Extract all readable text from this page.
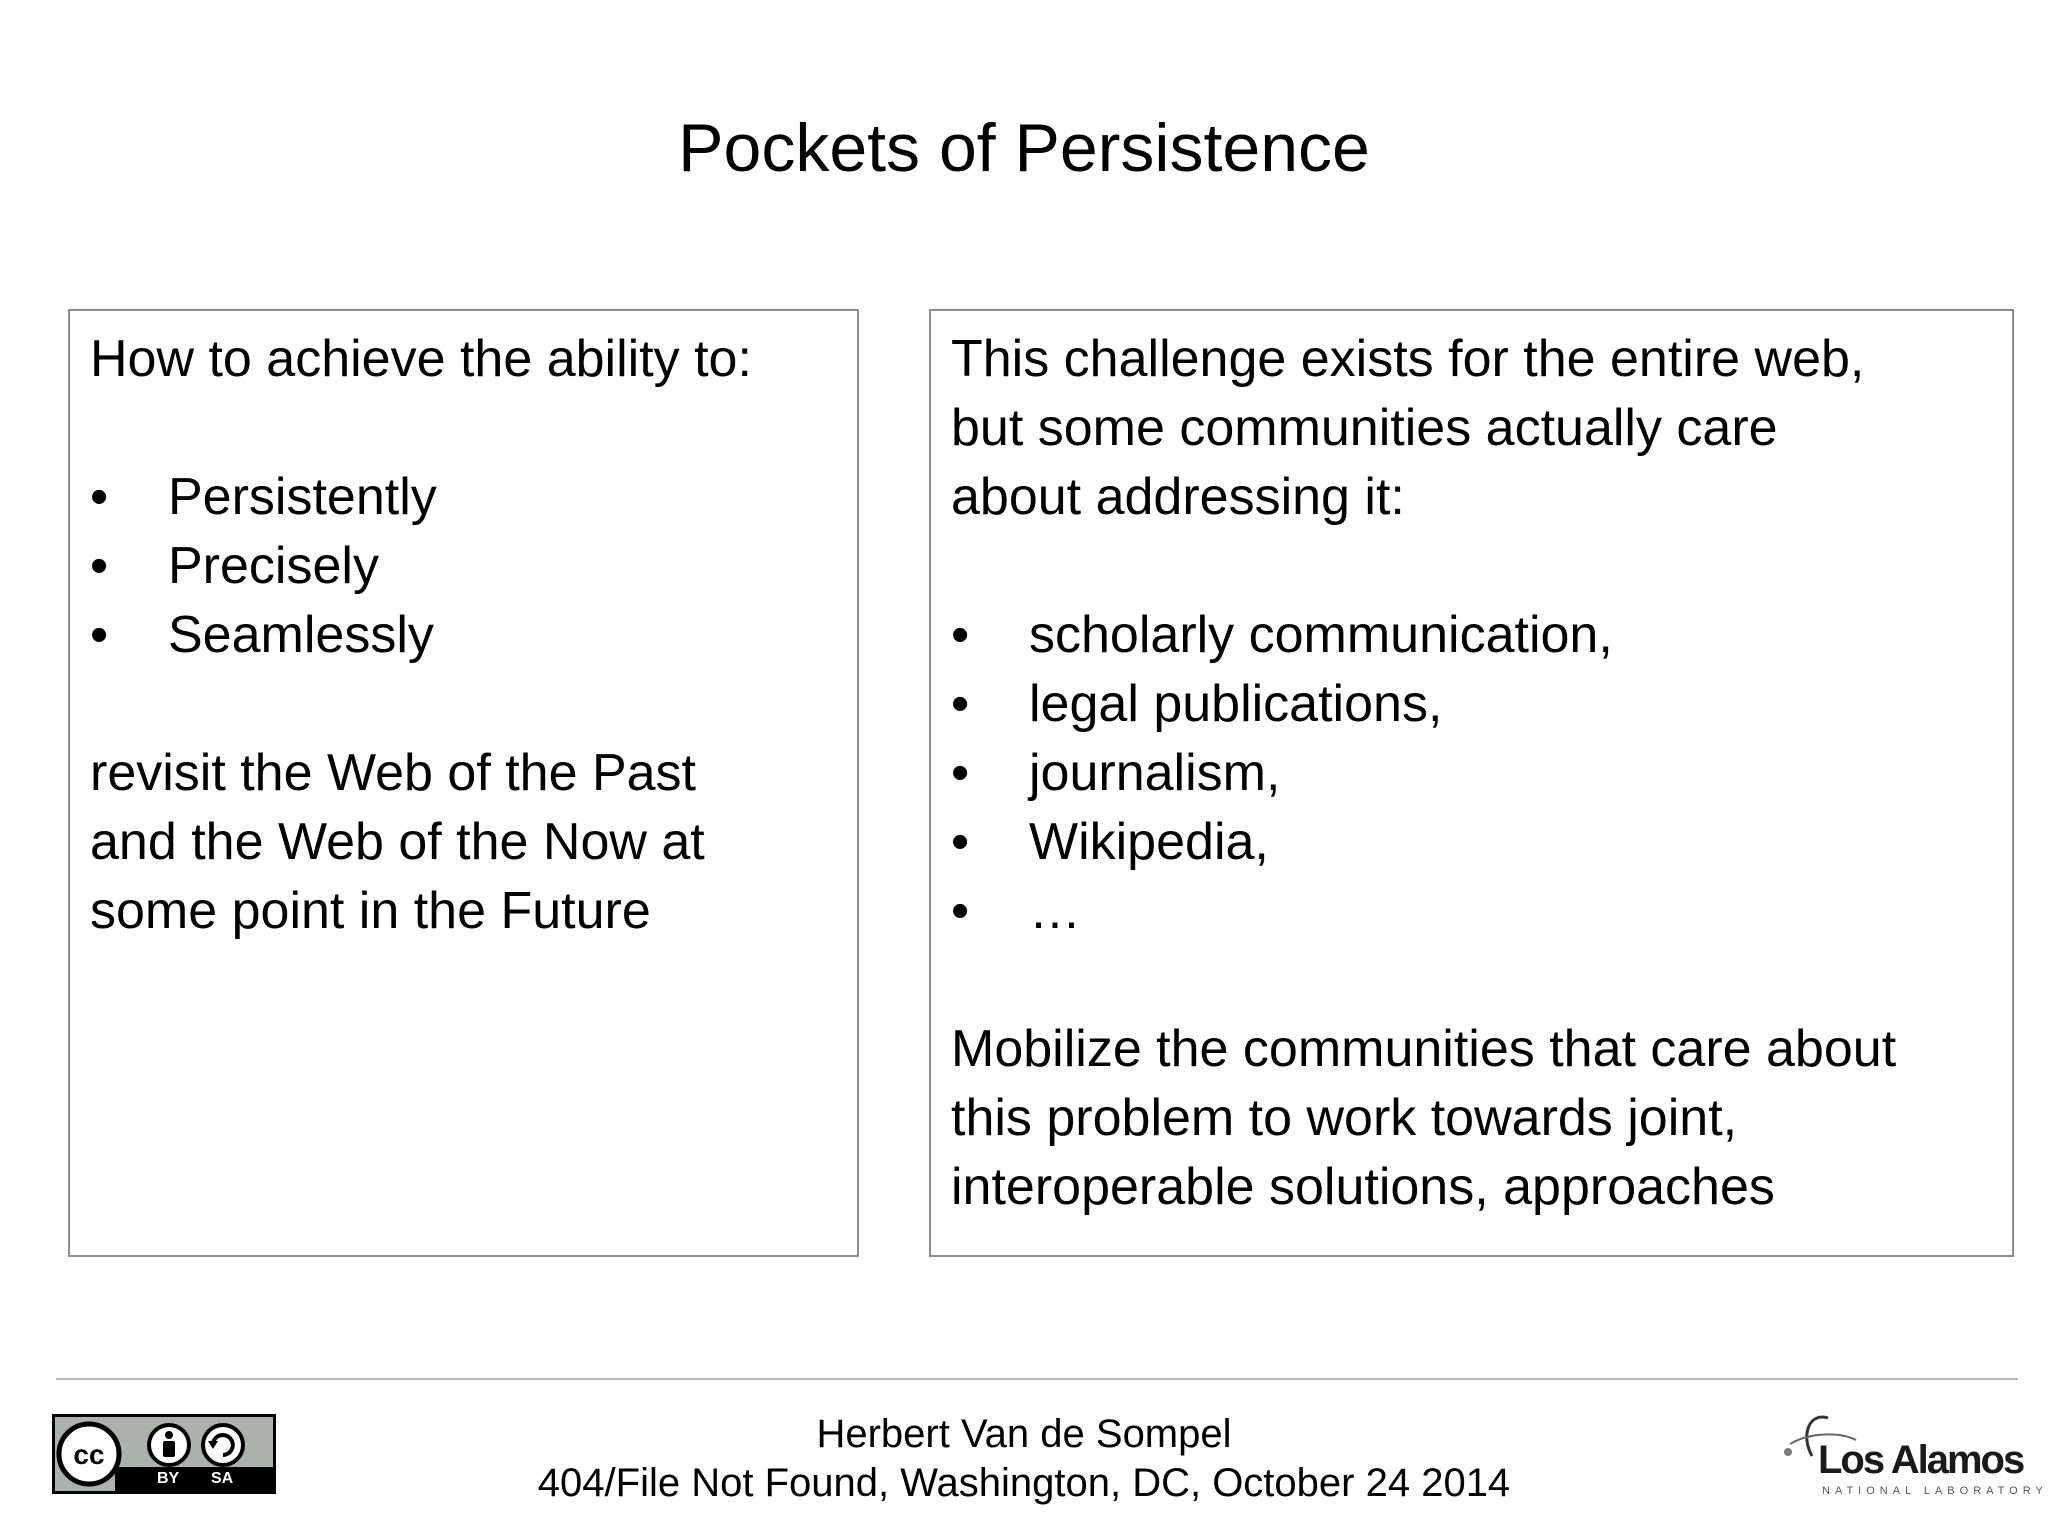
Pockets of Persistence

How to achieve the ability to:

• Persistently
• Precisely
• Seamlessly

revisit the Web of the Past
and the Web of the Now at
some point in the Future

This challenge exists for the entire web,
but some communities actually care
about addressing it:

• scholarly communication,
• legal publications,
• journalism,
• Wikipedia,
• …

Mobilize the communities that care about
this problem to work towards joint,
interoperable solutions, approaches

cc
BY SA
Herbert Van de Sompel
404/File Not Found, Washington, DC, October 24 2014
Los Alamos
NATIONAL LABORATORY
